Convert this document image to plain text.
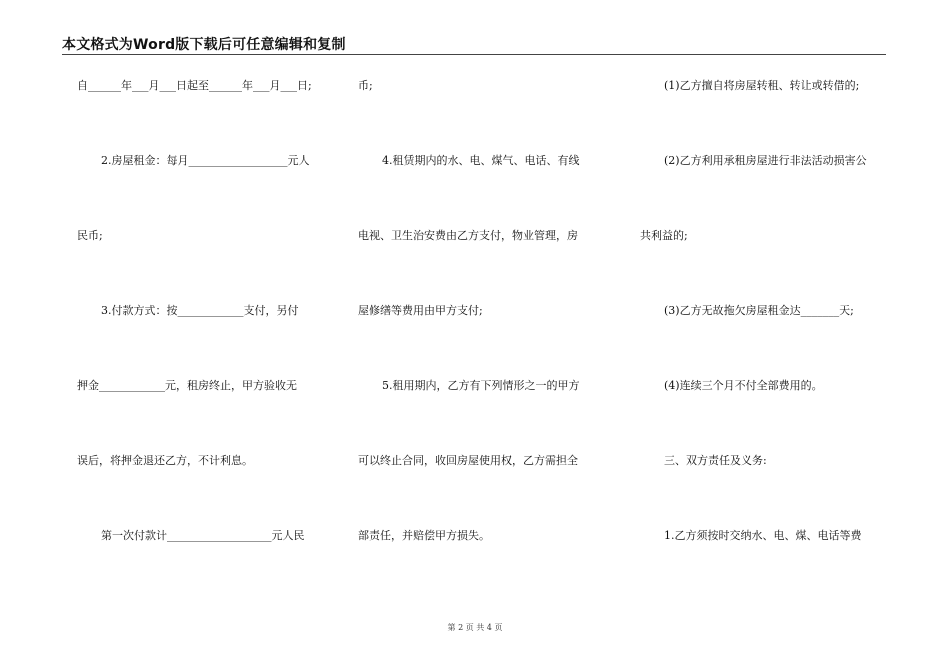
本文格式为Word版下载后可任意编辑和复制
自______年___月___日起至______年___月___日;
2.房屋租金：每月__________________元人
民币;
3.付款方式：按____________支付，另付
押金____________元，租房终止，甲方验收无
误后，将押金退还乙方，不计利息。
第一次付款计___________________元人民
币;
4.租赁期内的水、电、煤气、电话、有线
电视、卫生治安费由乙方支付，物业管理，房
屋修缮等费用由甲方支付;
5.租用期内，乙方有下列情形之一的甲方
可以终止合同，收回房屋使用权，乙方需担全
部责任，并赔偿甲方损失。
(1)乙方擅自将房屋转租、转让或转借的;
(2)乙方利用承租房屋进行非法活动损害公
共利益的;
(3)乙方无故拖欠房屋租金达_______天;
(4)连续三个月不付全部费用的。
三、双方责任及义务:
1.乙方须按时交纳水、电、煤、电话等费
第 2 页 共 4 页
